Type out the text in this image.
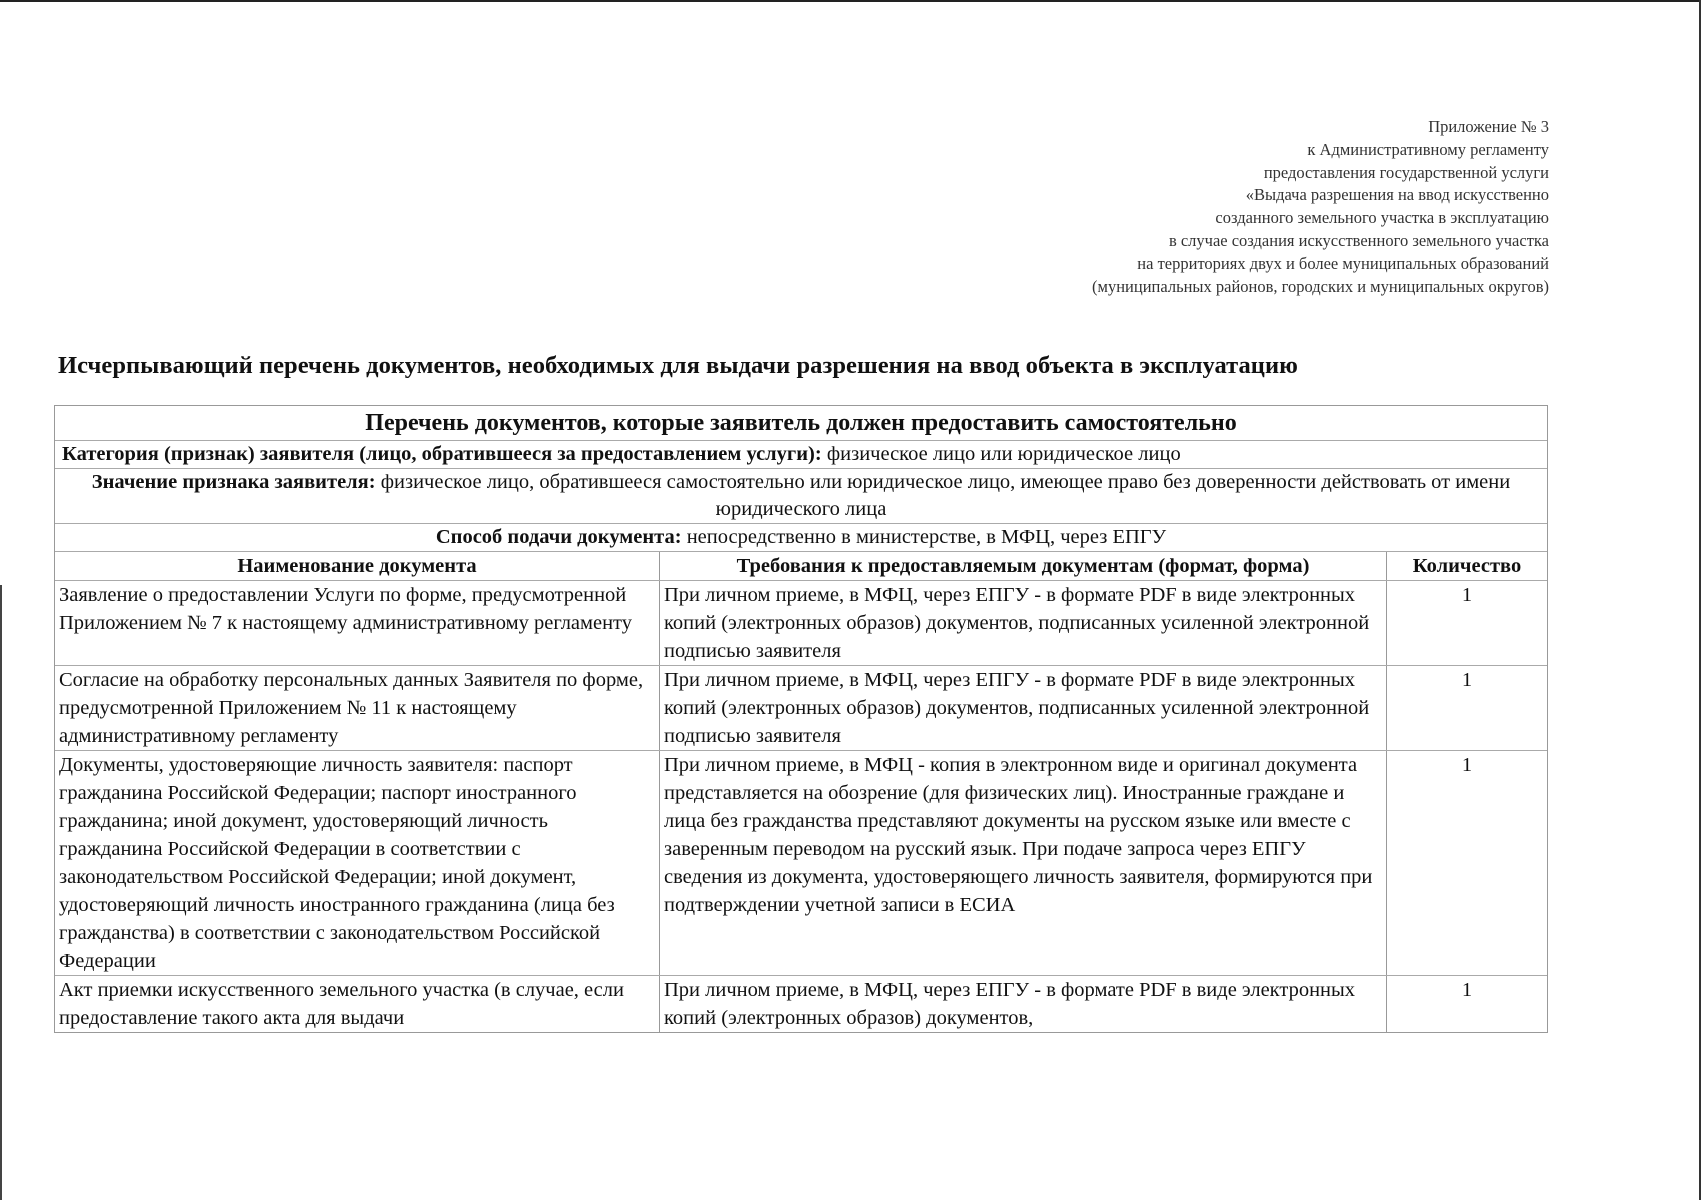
Приложение № 3
к Административному регламенту
предоставления государственной услуги
«Выдача разрешения на ввод искусственно
созданного земельного участка в эксплуатацию
в случае создания искусственного земельного участка
на территориях двух и более муниципальных образований
(муниципальных районов, городских и муниципальных округов)
Исчерпывающий перечень документов, необходимых для выдачи разрешения на ввод объекта в эксплуатацию
Перечень документов, которые заявитель должен предоставить самостоятельно
Категория (признак) заявителя (лицо, обратившееся за предоставлением услуги): физическое лицо или юридическое лицо
Значение признака заявителя: физическое лицо, обратившееся самостоятельно или юридическое лицо, имеющее право без доверенности действовать от имени юридического лица
Способ подачи документа: непосредственно в министерстве, в МФЦ, через ЕПГУ
Наименование документа	Требования к предоставляемым документам (формат, форма)	Количество
Заявление о предоставлении Услуги по форме, предусмотренной Приложением № 7 к настоящему административному регламенту
При личном приеме, в МФЦ, через ЕПГУ - в формате PDF в виде электронных копий (электронных образов) документов, подписанных усиленной электронной подписью заявителя
1
Согласие на обработку персональных данных Заявителя по форме, предусмотренной Приложением № 11 к настоящему административному регламенту
При личном приеме, в МФЦ, через ЕПГУ - в формате PDF в виде электронных копий (электронных образов) документов, подписанных усиленной электронной подписью заявителя
1
Документы, удостоверяющие личность заявителя: паспорт гражданина Российской Федерации; паспорт иностранного гражданина; иной документ, удостоверяющий личность гражданина Российской Федерации в соответствии с законодательством Российской Федерации; иной документ, удостоверяющий личность иностранного гражданина (лица без гражданства) в соответствии с законодательством Российской Федерации
При личном приеме, в МФЦ - копия в электронном виде и оригинал документа представляется на обозрение (для физических лиц). Иностранные граждане и лица без гражданства представляют документы на русском языке или вместе с заверенным переводом на русский язык. При подаче запроса через ЕПГУ сведения из документа, удостоверяющего личность заявителя, формируются при подтверждении учетной записи в ЕСИА
1
Акт приемки искусственного земельного участка (в случае, если предоставление такого акта для выдачи
При личном приеме, в МФЦ, через ЕПГУ - в формате PDF в виде электронных копий (электронных образов) документов,
1
